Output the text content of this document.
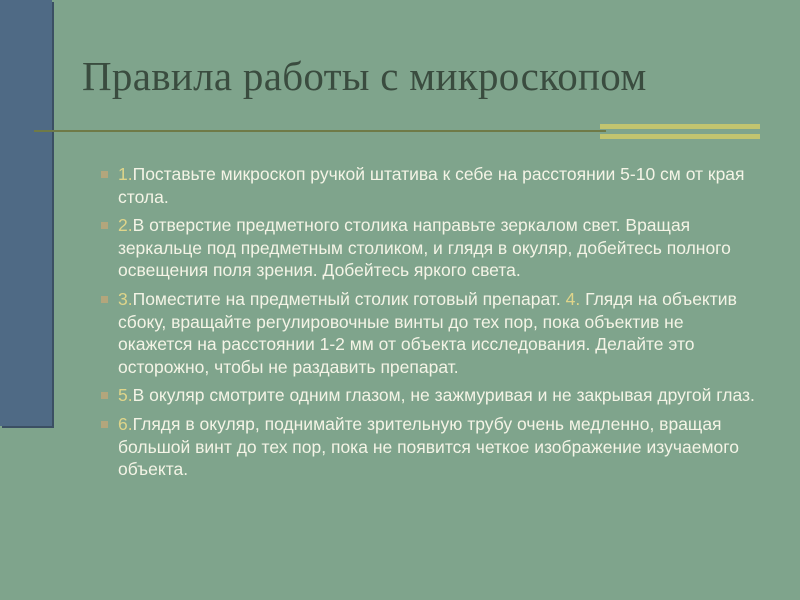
Правила работы с микроскопом
1.Поставьте микроскоп ручкой штатива к себе на расстоянии 5-10 см от края стола.
2.В отверстие предметного столика направьте зеркалом свет. Вращая зеркальце под предметным столиком, и глядя в окуляр, добейтесь полного освещения поля зрения. Добейтесь яркого света.
3.Поместите на предметный столик готовый препарат. 4. Глядя на объектив сбоку, вращайте регулировочные винты до тех пор, пока объектив не окажется на расстоянии 1-2 мм от объекта исследования. Делайте это осторожно, чтобы не раздавить препарат.
5.В окуляр смотрите одним глазом, не зажмуривая и не закрывая другой глаз.
6.Глядя в окуляр, поднимайте зрительную трубу очень медленно, вращая большой винт до тех пор, пока не появится четкое изображение изучаемого объекта.
